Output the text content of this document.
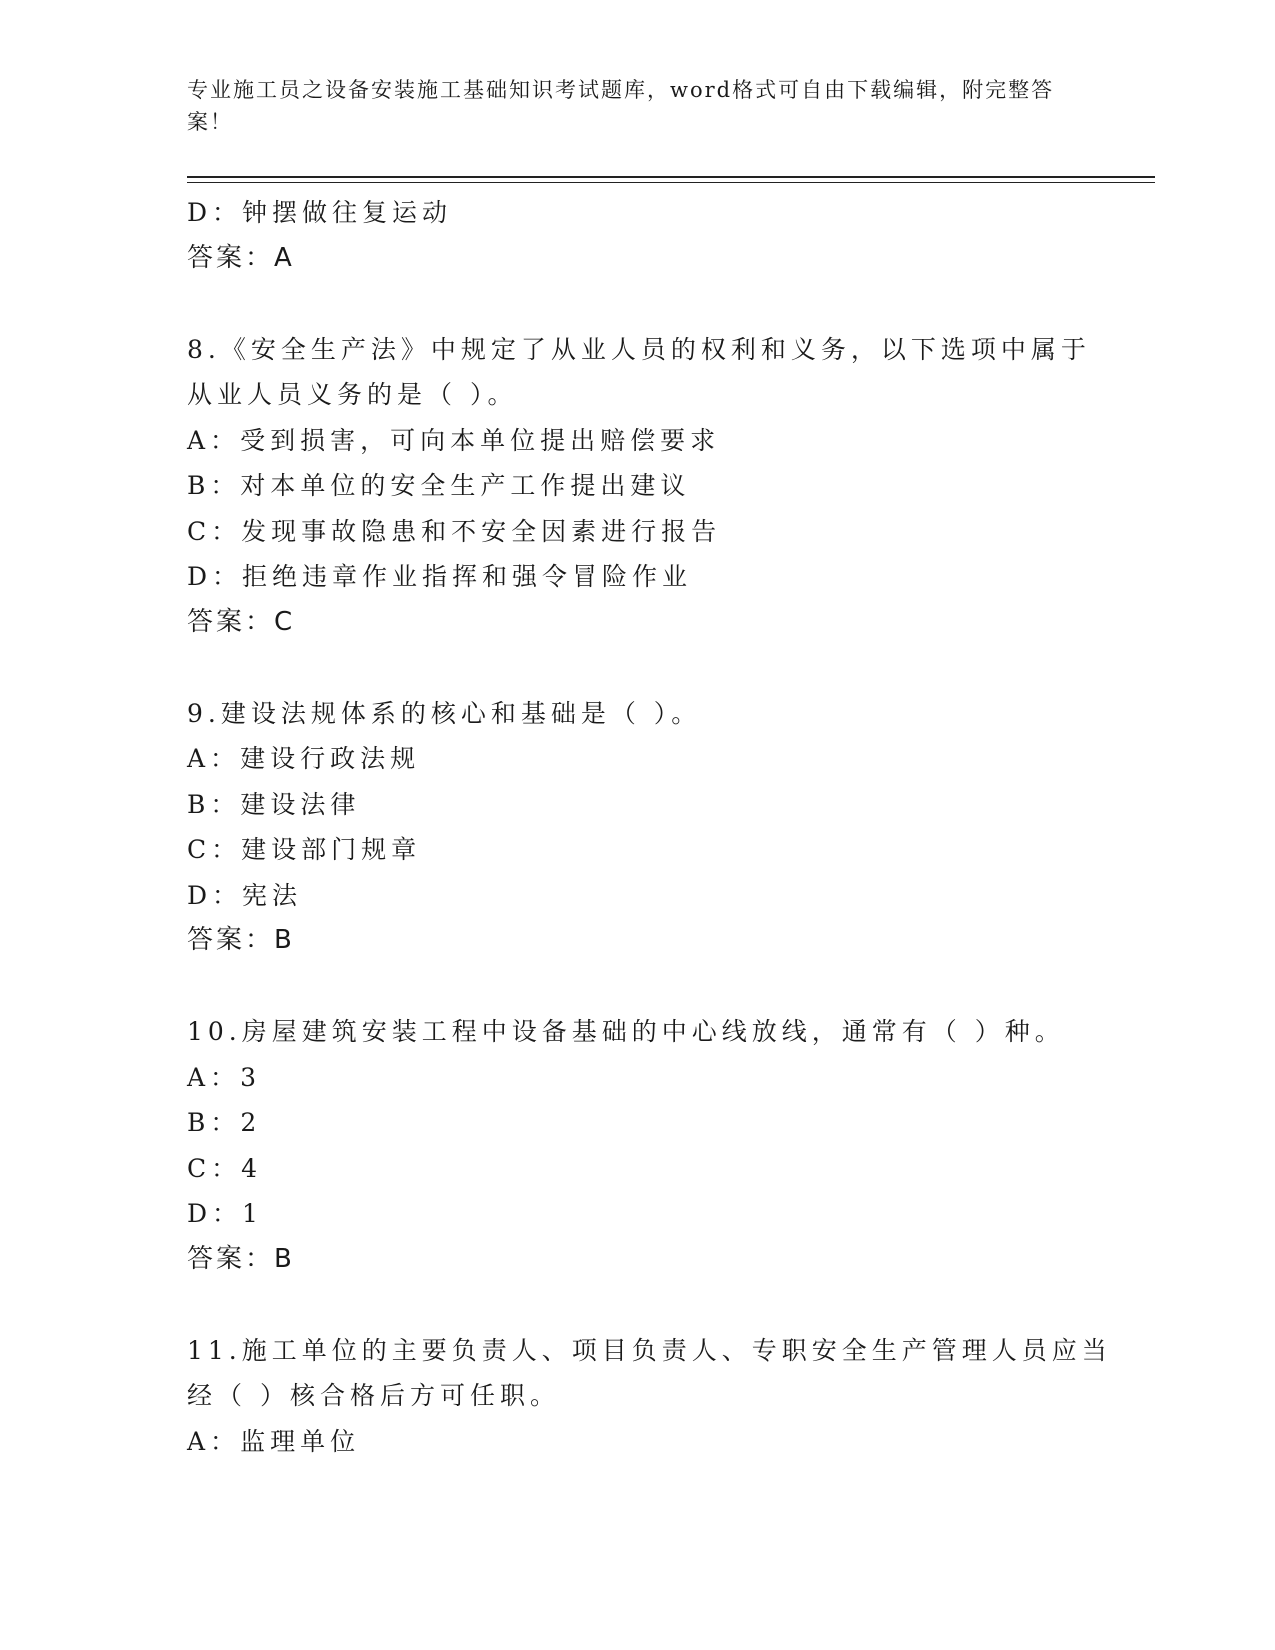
专业施工员之设备安装施工基础知识考试题库，word格式可自由下载编辑，附完整答案！
D：钟摆做往复运动
答案：A
8.《安全生产法》中规定了从业人员的权利和义务，以下选项中属于
从业人员义务的是（ ）。
A：受到损害，可向本单位提出赔偿要求
B：对本单位的安全生产工作提出建议
C：发现事故隐患和不安全因素进行报告
D：拒绝违章作业指挥和强令冒险作业
答案：C
9.建设法规体系的核心和基础是（ ）。
A：建设行政法规
B：建设法律
C：建设部门规章
D：宪法
答案：B
10.房屋建筑安装工程中设备基础的中心线放线，通常有（ ）种。
A：3
B：2
C：4
D：1
答案：B
11.施工单位的主要负责人、项目负责人、专职安全生产管理人员应当
经（ ）核合格后方可任职。
A：监理单位
